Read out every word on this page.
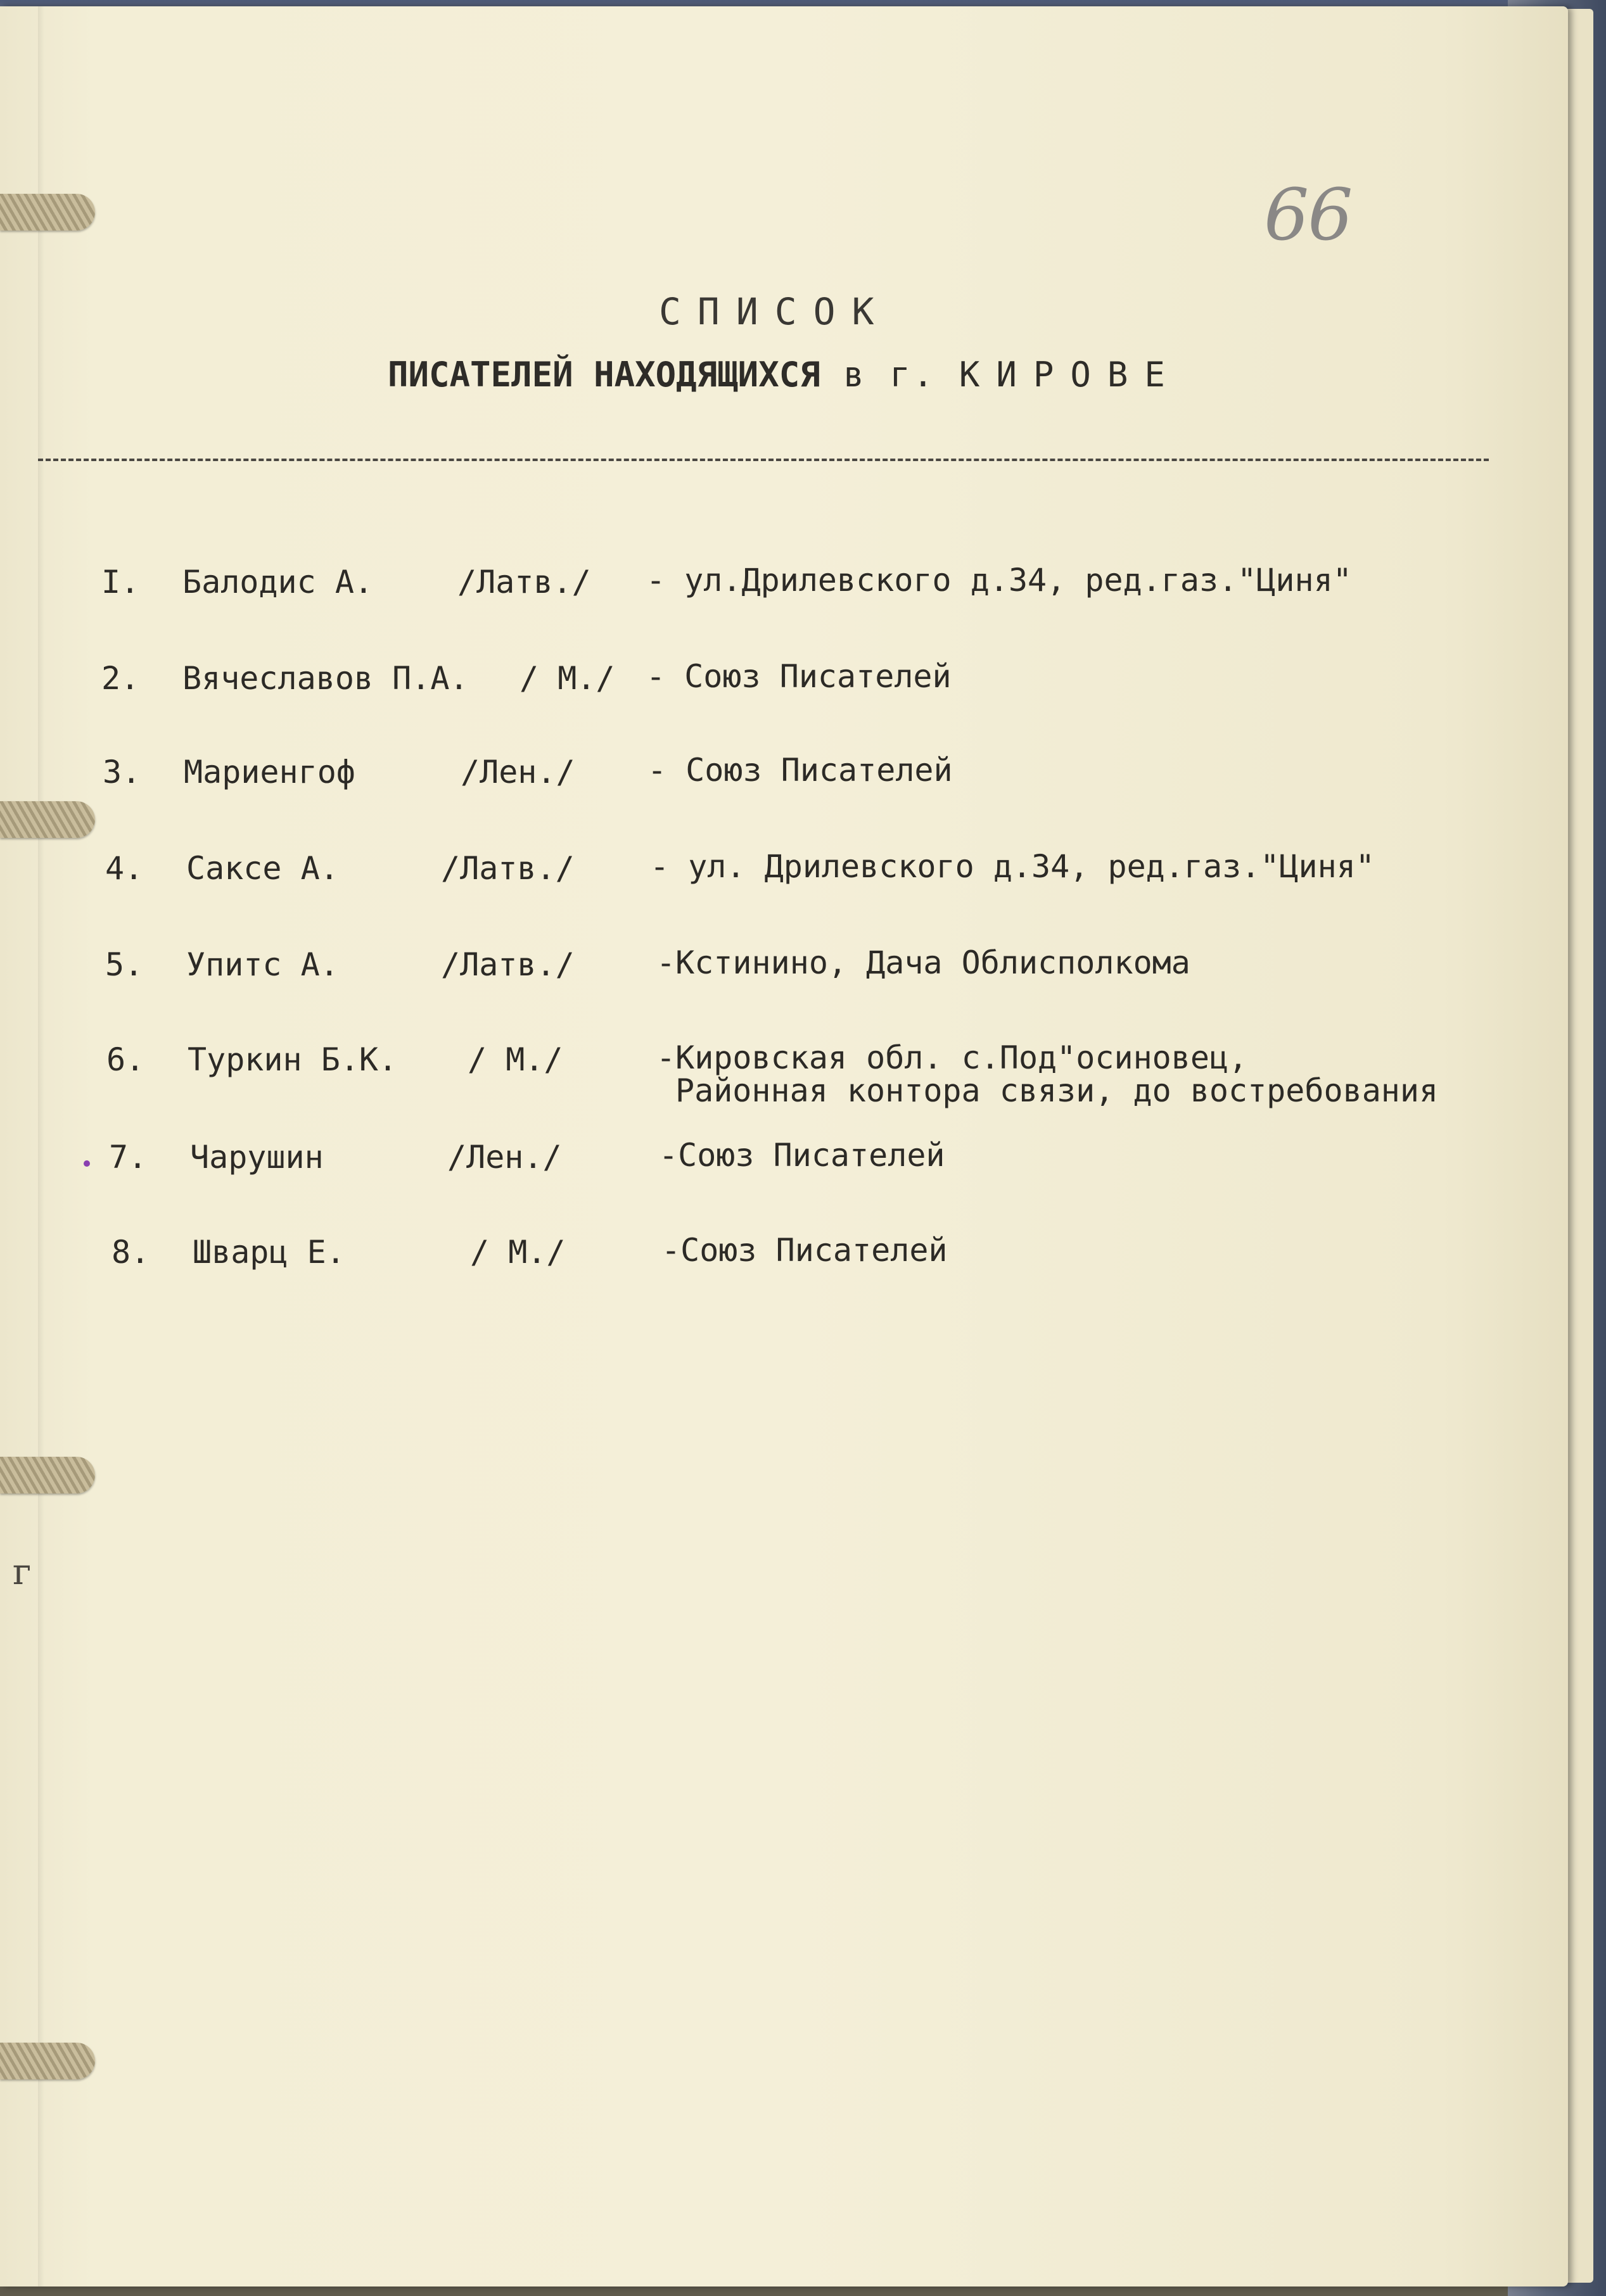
66
СПИСОК
ПИСАТЕЛЕЙ НАХОДЯЩИХСЯ в г. КИРОВЕ
I.	Балодис А.	/Латв./ - ул.Дрилевского д.34, ред.газ."Циня"
2.	Вячеславов П.А. / М./ - Союз Писателей
3.	Мариенгоф	/Лен./ - Союз Писателей
4.	Саксе А.	/Латв./ - ул. Дрилевского д.34, ред.газ."Циня"
5.	Упитс А.	/Латв./	-Кстинино, Дача Облисполкома
6.	Туркин Б.К. / М./	-Кировская обл. с.Под"осиновец,
Районная контора связи, до востребования
7.	Чарушин	/Лен./	-Союз Писателей
8.	Шварц Е.	/ М./	-Союз Писателей
г
